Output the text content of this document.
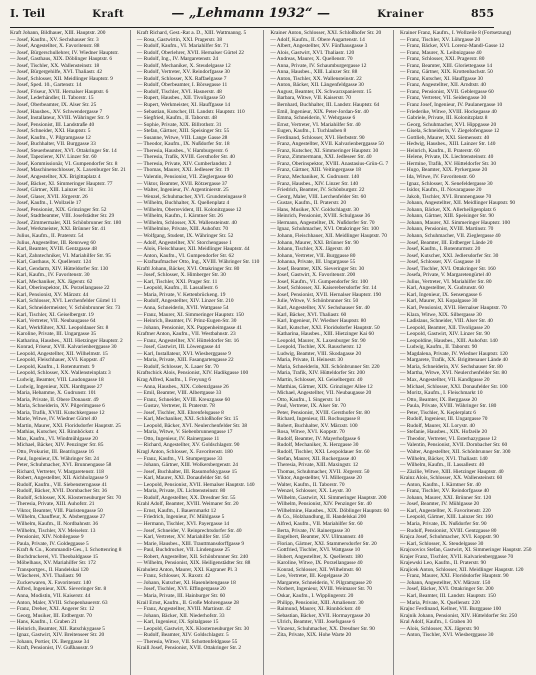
I. Teil	Kraft	— „Lehmann 1932“ —	Krainer	855
Kraft Johann, Bildhauer, XIII. Hauptstr. 200
— Josef, Kaufm., XV. Sechshauser Str. 3
— Josef, Angestellter, X. Favoritenstr. 88
— Josef, Bürgerschullehrer, IV. Wiedner Hauptstr.
— Josef, Gasthaus, XIX. Döblinger Hauptstr. 6
— Josef, Tischler, XX. Wallensteinstr. 18
— Josef, Bürgergehilfe, XVI. Thaliastr. 42
— Josef, Schlosser, XII. Meidlinger Hauptstr. 9
— Josef, Sped. 10., Gartenstr. 14
— Josef, Friseur, XVII. Hernalser Hauptstr. 6
— Josef, Lederhändler, II. Taborstr. 15
— Josef, Oberbeamter, IX. Alser Str. 25
— Josef, Hausbes., XV. Schwendergasse 7
— Josef, Installateur, XVIII. Währinger Str. 9
— Josef, Pensionist, III. Landstraße 40
— Josef, Schneider, XXI. Hauptstr. 5
— Josef, Kaufm., V. Pilgramgasse 12
— Josef, Buchhalter, VII. Burggasse 33
— Josef, Steuerbeamter, XVI. Ottakringer Str. 14
— Josef, Tapezierer, XIV. Linzer Str. 60
— Josef, Kommissionär, VI. Gumpendorfer Str. 8
— Josef, Maschinenschlosser, X. Laxenburger Str. 21
— Josef, Angestellter, XX. Brigittaplatz 4
— Josef, Bäcker, XI. Simmeringer Hauptstr. 77
— Josef, Gärtner, XIII. Lainzer Str. 31
— Josef, Glaser, XVII. Jörgerstr. 26
— Josef, Kaufm., I. Wollzeile 17
— Josef, Pensionist, XIX. Grinzinger Str. 52
— Josef, Stadtbeamter, VIII. Josefstädter Str. 29
— Josef, Zimmermaler, XII. Schönbrunner Str. 180
— Josef, Werkmeister, XXI. Brünner Str. 41
— Julius, Kaufm., II. Praterstr. 54
— Julius, Angestellter, III. Rennweg 60
— Karl, Beamter, XVIII. Gentzgasse 48
— Karl, Zahntechniker, VI. Mariahilfer Str. 95
— Karl, Gasthaus, X. Quellenstr. 124
— Karl, Gendarm, XIV. Hütteldorfer Str. 130
— Karl, Kaufm., IV. Favoritenstr. 30
— Karl, Mechaniker, XX. Jägerstr. 62
— Karl, Oberinspektor, IX. Porzellangasse 22
— Karl, Pensionist, XV. Märzstr. 44
— Karl, Schlosser, XVI. Lerchenfelder Gürtel 11
— Karl, Schneidermeister, V. Schönbrunner Str. 73
— Karl, Tischler, XI. Geiselbergstr. 19
— Karl, Vertreter, VII. Neubaugasse 64
— Karl, Werkführer, XXI. Leopoldauer Str. 8
— Karoline, Private, III. Ungargasse 35
— Katharina, Hausbes., XIII. Hietzinger Hauptstr. 2
— Konrad, Friseur, XVII. Kalvarienberggasse 30
— Leopold, Angestellter, XII. Wilhelmstr. 15
— Leopold, Fleischhauer, XVI. Koppstr. 47
— Leopold, Kaufm., I. Rotenturmstr. 9
— Leopold, Schlosser, XX. Wallensteinplatz 3
— Ludwig, Beamter, VIII. Laudongasse 18
— Ludwig, Ingenieur, XIX. Hardtgasse 27
— Maria, Hebamme, X. Gudrunstr. 101
— Maria, Private, II. Obere Donaustr. 49
— Maria, Schneiderin, XV. Pilgerimgasse 6
— Maria, Trafik, XVIII. Kutschkergasse 12
— Marie, Witwe, IV. Wiedner Gürtel 40
— Martin, Maurer, XXI. Floridsdorfer Hauptstr. 25
— Mathias, Kutscher, XI. Rinnböckstr. 4
— Max, Kaufm., VI. Windmühlgasse 20
— Michael, Bäcker, XIV. Penzinger Str. 85
— Otto, Prokurist, III. Beatrixgasse 16
— Paul, Ingenieur, IX. Währinger Str. 24
— Peter, Schuhmacher, XVI. Brunnengasse 58
— Richard, Vertreter, V. Margaretenstr. 118
— Robert, Angestellter, XII. Aichholzgasse 9
— Rudolf, Kaufm., VII. Siebensterngasse 41
— Rudolf, Bäcker, XVII. Dornbacher Str. 36
— Rudolf, Schlosser, XX. Klosterneuburger Str. 70
— Theresia, Private, XIII. Auhofstr. 21
— Viktor, Beamter, VIII. Piaristengasse 50
— Wilhelm, Chauffeur, X. Absberggasse 27
— Wilhelm, Kaufm., II. Nordbahnstr. 36
— Wilhelm, Tischler, XV. Meiselstr. 13
— Pensionist, XIV. Nobilegasse 9
— Paula, Private, IV. Goldeggasse 5
— Kraft & Co., Kommandit-Ges., I. Schottenring 8
— Buchdruckerei, VI. Theobaldgasse 15
— Möbelhaus, XV. Mariahilfer Str. 172
— Transportges., II. Handelskai 120
— Wäscherei, XVI. Thaliastr. 90
— Zuckerwaren, X. Favoritenstr. 140
— Alfred, Ingenieur, XIX. Sieveringer Str. 8
— Anna, Modistin, VII. Kaiserstr. 44
— Anton, Maler, XVIII. Schopenhauerstr. 63
— Franz, Dreher, XXI. Angerer Str. 12
— Georg, Musiker, III. Erdbergstr. 70
— Hans, Kaufm., I. Graben 21
— Heinrich, Beamter, XII. Ratschkygasse 5
— Ignaz, Gastwirt, XIV. Breitenseer Str. 20
— Johann, Portier, IX. Berggasse 34
— Kraft, Pensionist, IV. Gußhausstr. 9
Kraft Richard, Gest.-Rat a. D., XIII. Wattmanng. 5
— Rosa, Gastwirtin, XXI. Pragerstr. 38
— Rudolf, Kaufm., VI. Mariahilfer Str. 71
— Rudolf, Oberlehrer, XVII. Hernalser Gürtel 22
— Rudolf, Ing., IV. Margaretenstr. 24
— Rudolf, Mechaniker, X. Steudelgasse 12
— Rudolf, Vertreter, XV. Reindorfgasse 30
— Rudolf, Schlosser, XX. Raffaelgasse 7
— Rudolf, Oberbeamter, I. Börsegasse 11
— Rudolf, Tischler, XVI. Hasnerstr. 48
— Rupert, Hausbes., XII. Tivoligasse 50
— Rupert, Werkmeister, XI. Hauffgasse 14
— Sebastian, Kutscher, III. Landstr. Hauptstr. 110
— Siegfried, Kaufm., II. Taborstr. 48
— Sophie, Private, XIX. Billrothstr. 31
— Stefan, Gärtner, XIII. Speisinger Str. 55
— Susanne, Witwe, VIII. Lange Gasse 28
— Theodor, Kaufm., IX. Nußdorfer Str. 18
— Theresia, Hausbes., V. Hamburgerstr. 6
— Theresia, Trafik, XVIII. Gersthofer Str. 40
— Theresia, Private, XIV. Cumberlandstr. 2
— Thomas, Maurer, XXI. Jedleseer Str. 19
— Valentin, Pensionist, VII. Zieglergasse 60
— Viktor, Beamter, XVII. Rötzergasse 37
— Walter, Ingenieur, IV. Argentinierstr. 25
— Wenzel, Schuhmacher, XVI. Grundsteingasse 8
— Wilhelm, Buchhalter, X. Quellenplatz 4
— Wilhelm, Oberrevident, III. Kolonitzgasse 12
— Wilhelm, Kaufm., I. Kärntner Str. 26
— Wilhelm, Schlosser, XX. Wallensteinstr. 40
— Wilhelmine, Private, XIII. Auhofstr. 70
— Wolfgang, Student, IX. Währinger Str. 52
— Adolf, Angestellter, XV. Storchengasse 1
— Alois, Fleischhauer, XII. Meidlinger Hauptstr. 44
— Anton, Kaufm., VI. Gumpendorfer Str. 62
— Kraftaufmacher Otto, Ing., XVIII. Währinger Str. 110
Kraftl Johann, Bäcker, XVI. Ottakringer Str. 80
— Josef, Schlosser, X. Himberger Str. 30
— Karl, Tischler, XXI. Prager Str. 11
— Leopold, Kaufm., II. Lassallestr. 6
— Maria, Private, V. Kettenbrückeng. 19
— Rudolf, Angestellter, XIV. Linzer Str. 210
— Anna, Schneiderin, XVII. Wattgasse 54
— Franz, Maurer, XI. Simmeringer Hauptstr. 150
— Heinrich, Beamter, IV. Prinz-Eugen-Str. 30
— Johann, Pensionist, XX. Pappenheimgasse 41
Kraftner Anton, Kaufm., VII. Westbahnstr. 23
— Franz, Angestellter, XV. Hütteldorfer Str. 16
— Josef, Gastwirt, III. Löwengasse 44
— Karl, Installateur, XVI. Wiesberggasse 9
— Maria, Private, XIII. Fasangartengasse 22
— Rudolf, Schlosser, X. Laaer Str. 70
Kraftschick Alois, Pensionist, XIV. Hadikgasse 100
Krag Alfred, Kaufm., I. Freyung 6
— Anna, Hausbes., XIX. Cobenzlgasse 26
— Emil, Beamter, VIII. Albertgasse 33
— Franz, Schneider, XVIII. Kreuzgasse 60
— Gustav, Vertreter, II. Praterstr. 78
— Josef, Tischler, XII. Ehrenfelsgasse 8
— Karl, Mechaniker, XXI. Schloßhofer Str. 15
— Leopold, Bäcker, XVI. Neulerchenfelder Str. 38
— Maria, Witwe, V. Siebenbrunnengasse 17
— Otto, Ingenieur, IV. Rainergasse 11
— Richard, Angestellter, XV. Goldschlagstr. 90
Kragl Anton, Schlosser, X. Favoritenstr. 180
— Franz, Kaufm., VI. Stumpergasse 33
— Johann, Gärtner, XIII. Wolkersbergenstr. 24
— Josef, Buchhalter, III. Rasumofskygasse 15
— Karl, Maurer, XXI. Donaufelder Str. 64
— Leopold, Pensionist, XVII. Hernalser Hauptstr. 140
— Maria, Private, IX. Lichtensteinstr. 80
— Rudolf, Angestellter, XX. Dresdner Str. 55
Krahl Adolf, Beamter, XVIII. Weimarer Str. 20
— Ernst, Kaufm., I. Bauernmarkt 12
— Friedrich, Ingenieur, IV. Mühlgasse 5
— Hermann, Tischler, XVI. Payergasse 14
— Josef, Schneider, V. Reinprechtsdorfer Str. 40
— Karl, Vertreter, XV. Mariahilfer Str. 150
— Marie, Hausbes., XIII. Trauttmansdorffgasse 9
— Paul, Buchdrucker, VII. Lindengasse 25
— Robert, Angestellter, XII. Schönbrunner Str. 240
— Wilhelm, Pensionist, XIX. Heiligenstädter Str. 88
Krahuletz Anton, Maurer, XXI. Kagraner Pl. 3
— Franz, Schlosser, X. Raxstr. 42
— Johann, Kutscher, XI. Hasenleitengasse 18
— Josef, Tischler, XVI. Effingergasse 20
— Maria, Private, III. Hainburger Str. 60
Krail Ernst, Kaufm., II. Große Mohrengasse 28
— Franz, Angestellter, XVIII. Martinstr. 42
— Johann, Bäcker, XII. Niederhofstr. 33
— Karl, Ingenieur, IX. Spitalgasse 15
— Leopold, Gastwirt, XX. Klosterneuburger Str. 30
— Rudolf, Beamter, XIV. Goldschlagstr. 5
— Theresia, Witwe, VII. Schottenfeldgasse 55
Kraill Josef, Pensionist, XVII. Ottakringer Str. 2
Krainer Anton, Schlosser, XXI. Schloßhofer Str. 20
— Adolf, Kaufm., II. Obere Augartenstr. 14
— Albert, Angestellter, XV. Fünfhausgasse 3
— Alois, Gastwirt, XVI. Thaliastr. 120
— Andreas, Maurer, X. Quellenstr. 70
— Anna, Private, IV. Schaumburgergasse 12
— Anna, Hausbes., XIII. Lainzer Str. 88
— Anton, Tischler, XX. Wallensteinstr. 22
— Anton, Bäcker, XII. Längenfeldgasse 30
— August, Beamter, IX. Schwarzspanierstr. 15
— Barbara, Witwe, VII. Kaiserstr. 70
— Bernhard, Buchhalter, III. Landstr. Hauptstr. 64
— Emil, Ingenieur, XIX. Peter-Jordan-Str. 40
— Emma, Schneiderin, V. Wehrgasse 6
— Ernst, Vertreter, VI. Mariahilfer Str. 40
— Eugen, Kaufm., I. Tuchlauben 8
— Ferdinand, Schlosser, XVI. Herbststr. 90
— Franz, Angestellter, XVII. Kalvarienberggasse 50
— Franz, Kutscher, XI. Simmeringer Hauptstr. 30
— Franz, Zimmermann, XXI. Jedleseer Str. 40
— Franz, Oberinspektor, XVIII. Anastasius-Grün-G. 7
— Franz, Gärtner, XIII. Veitingergasse 18
— Franz, Mechaniker, X. Gudrunstr. 140
— Franz, Hausbes., XIV. Linzer Str. 140
— Friedrich, Beamter, IV. Schönburgstr. 22
— Georg, Maler, VIII. Lerchenfelder Str. 60
— Gustav, Kaufm., II. Praterstr. 20
— Hans, Musiker, XV. Goldschlagstr. 30
— Heinrich, Pensionist, XVIII. Schulgasse 36
— Hermann, Angestellter, IX. Nußdorfer Str. 70
— Ignaz, Schuhmacher, XVI. Ottakringer Str. 100
— Johann, Fleischhauer, XII. Meidlinger Hauptstr. 70
— Johann, Maurer, XXI. Brünner Str. 90
— Johann, Tischler, XX. Jägerstr. 40
— Johann, Vertreter, VII. Burggasse 80
— Johanna, Private, III. Ungargasse 55
— Josef, Beamter, XIX. Sieveringer Str. 30
— Josef, Gastwirt, X. Favoritenstr. 200
— Josef, Kaufm., VI. Gumpendorfer Str. 100
— Josef, Schlosser, XI. Kaiserebersdorfer Str. 14
— Josef, Pensionist, XVII. Hernalser Hauptstr. 190
— Julie, Witwe, V. Schönbrunner Str. 50
— Karl, Angestellter, XV. Sechshauser Str. 40
— Karl, Bäcker, XVI. Thaliastr. 60
— Karl, Ingenieur, IV. Wiedner Hauptstr. 80
— Karl, Kutscher, XXI. Floridsdorfer Hauptstr. 50
— Katharina, Hausbes., XIII. Hietzinger Kai 60
— Leopold, Maurer, X. Laxenburger Str. 90
— Leopold, Tischler, XX. Rauscherstr. 12
— Ludwig, Beamter, VIII. Skodagasse 20
— Maria, Private, II. Heinestr. 30
— Maria, Schneiderin, XII. Schönbrunner Str. 220
— Maria, Trafik, XIV. Hütteldorfer Str. 200
— Martin, Schlosser, XI. Geiselbergstr. 40
— Matthias, Gärtner, XIX. Grinzinger Allee 12
— Michael, Angestellter, VII. Neubaugasse 20
— Otto, Kaufm., I. Singerstr. 14
— Paul, Vertreter, IX. Alser Str. 70
— Peter, Pensionist, XVIII. Gersthofer Str. 80
— Richard, Ingenieur, III. Rochusgasse 8
— Robert, Buchhalter, XV. Märzstr. 100
— Rosa, Witwe, XVI. Koppstr. 70
— Rudolf, Beamter, IV. Mayerhofgasse 6
— Rudolf, Mechaniker, X. Herzgasse 30
— Rudolf, Tischler, XXI. Leopoldauer Str. 60
— Stefan, Maurer, XII. Ruckergasse 40
— Theresia, Private, XIII. Maxingstr. 12
— Thomas, Schuhmacher, XVII. Jörgerstr. 50
— Viktor, Angestellter, VI. Millergasse 20
— Walter, Kaufm., II. Taborstr. 70
— Wenzel, Schlosser, XX. Leystr. 30
— Wilhelm, Gastwirt, XI. Simmeringer Hauptstr. 200
— Wilhelm, Pensionist, XIV. Penzinger Str. 40
— Wilhelmine, Hausbes., XIX. Döblinger Hauptstr. 60
— & Co., Holzhandlung, II. Handelskai 200
— Alfred, Kaufm., VII. Mariahilfer Str. 60
— Berta, Private, IV. Rainergasse 30
— Engelbert, Beamter, XV. Ullmannstr. 40
— Florian, Gärtner, XXI. Stammersdorfer Str. 20
— Gottfried, Tischler, XVI. Wattgasse 10
— Hubert, Angestellter, X. Quellenstr. 180
— Karoline, Witwe, IX. Porzellangasse 40
— Konrad, Schlosser, XII. Wilhelmstr. 60
— Leo, Vertreter, III. Kegelgasse 20
— Margarete, Schneiderin, V. Pilgramgasse 20
— Norbert, Ingenieur, XVIII. Weimarer Str. 70
— Oskar, Kaufm., I. Wipplingerstr. 20
— Philipp, Pensionist, XIII. Amalienstr. 30
— Raimund, Maurer, XI. Rinnböckstr. 40
— Sebastian, Bäcker, XVII. Hormayrgasse 20
— Ulrich, Beamter, VIII. Josefsgasse 6
— Vinzenz, Schuhmacher, XX. Dresdner Str. 90
— Zita, Private, XIX. Hohe Warte 20
Krainer Franz, Kaufm., I. Wollzeile 8 (Fortsetzung)
— Franz, Tischler, XV. Löhrgasse 20
— Franz, Bäcker, XVI. Lorenz-Mandl-Gasse 12
— Franz, Maurer, X. Leibnizgasse 40
— Franz, Schlosser, XXI. Pragerstr. 80
— Franz, Beamter, XIII. Gloriettegasse 14
— Franz, Gärtner, XIX. Krottenbachstr. 50
— Franz, Kutscher, XI. Hauffgasse 30
— Franz, Angestellter, XII. Arndtstr. 40
— Franz, Pensionist, XVII. Geblergasse 60
— Franz, Vertreter, VII. Seidengasse 30
— Franz Josef, Ingenieur, IV. Paulanergasse 10
— Friederike, Witwe, XVIII. Hockegasse 40
— Gabriele, Private, III. Kolonitzplatz 8
— Georg, Schuhmacher, XVI. Hippgasse 20
— Gisela, Schneiderin, V. Ziegelofengasse 12
— Gottlieb, Maurer, XXI. Siemensstr. 40
— Hedwig, Hausbes., XIII. Lainzer Str. 140
— Heinrich, Kaufm., II. Praterstr. 60
— Helene, Private, IX. Liechtensteinstr. 40
— Hermine, Trafik, XV. Hütteldorfer Str. 30
— Hugo, Beamter, XIX. Pyrkergasse 20
— Ida, Witwe, IV. Favoritenstr. 60
— Ignaz, Schlosser, X. Senefeldergasse 30
— Isidor, Kaufm., II. Novaragasse 20
— Jakob, Tischler, XVI. Brunnengasse 70
— Johann, Angestellter, XII. Meidlinger Hauptstr. 90
— Johann, Bäcker, XX. Allerheiligenplatz 6
— Johann, Gärtner, XIII. Speisinger Str. 90
— Johann, Maurer, XI. Simmeringer Hauptstr. 100
— Johann, Pensionist, XVIII. Martinstr. 70
— Johann, Schuhmacher, VII. Zieglergasse 40
— Josef, Beamter, III. Erdberger Lände 20
— Josef, Kaufm., I. Rotenturmstr. 20
— Josef, Kutscher, XXI. Jedlersdorfer Str. 30
— Josef, Schlosser, XV. Gasgasse 10
— Josef, Tischler, XVI. Ottakringer Str. 160
— Josefa, Private, V. Margaretengürtel 40
— Julius, Vertreter, VI. Mariahilfer Str. 80
— Karl, Angestellter, X. Gudrunstr. 60
— Karl, Ingenieur, IX. Sensengasse 6
— Karl, Maurer, XI. Kopalgasse 30
— Karl, Pensionist, XVII. Hernalser Hauptstr. 70
— Klara, Witwe, XIX. Silbergasse 30
— Ladislaus, Schneider, VIII. Alser Str. 40
— Leopold, Beamter, XII. Tivoligasse 20
— Leopold, Gastwirt, XIV. Linzer Str. 90
— Leopoldine, Hausbes., XIII. Auhofstr. 140
— Ludwig, Kaufm., II. Taborstr. 90
— Magdalena, Private, IV. Wiedner Hauptstr. 120
— Margarete, Trafik, XX. Brigittenauer Lände 40
— Maria, Schneiderin, XV. Sechshauser Str. 80
— Martha, Witwe, XVI. Neulerchenfelder Str. 80
— Max, Angestellter, VII. Kandlgasse 20
— Michael, Schlosser, XXI. Donaufelder Str. 100
— Moritz, Kaufm., I. Fleischmarkt 10
— Otto, Beamter, IX. Berggasse 20
— Paula, Private, XVIII. Währinger Str. 180
— Peter, Tischler, X. Keplerplatz 6
— Rudolf, Ingenieur, III. Ungargasse 70
— Rudolf, Maurer, XI. Lorystr. 40
— Stefanie, Hausbes., XIX. Hofzeile 20
— Theodor, Vertreter, VI. Esterhazygasse 12
— Valentin, Pensionist, XVII. Dornbacher Str. 60
— Walter, Angestellter, XII. Schönbrunner Str. 300
— Wilhelm, Bäcker, XVI. Thaliastr. 140
— Wilhelm, Kaufm., II. Lassallestr. 40
— Zäzilie, Witwe, XIII. Hietzinger Hauptstr. 40
Krainz Alois, Schlosser, XX. Wallensteinstr. 60
— Anton, Kaufm., I. Kärntner Str. 40
— Franz, Tischler, XV. Reindorfgasse 40
— Johann, Maurer, XXI. Brünner Str. 120
— Josef, Beamter, IV. Mühlgasse 20
— Karl, Angestellter, X. Favoritenstr. 220
— Leopold, Gärtner, XIII. Lainzer Str. 160
— Maria, Private, IX. Nußdorfer Str. 90
— Rudolf, Pensionist, XVIII. Gentzgasse 80
Krajca Josef, Schuhmacher, XVI. Koppstr. 90
— Karl, Schlosser, X. Steudelgasse 30
Krajcsovics Stefan, Gastwirt, XI. Simmeringer Hauptstr. 250
Krajer Franz, Tischler, XVII. Kalvarienberggasse 70
Krajewski Leo, Kaufm., II. Praterstr. 90
Krajicek Anton, Schlosser, XII. Meidlinger Hauptstr. 120
— Franz, Maurer, XXI. Floridsdorfer Hauptstr. 90
— Johann, Angestellter, XV. Märzstr. 150
— Josef, Bäcker, XVI. Ottakringer Str. 200
— Karl, Beamter, III. Landstr. Hauptstr. 150
— Maria, Private, X. Quellenstr. 220
Krajnc Ferdinand, Kellner, VII. Burggasse 100
Krajnik Johann, Pensionist, XIV. Hütteldorfer Str. 250
Kral Adolf, Kaufm., I. Graben 30
— Alois, Schlosser, XX. Jägerstr. 90
— Anton, Tischler, XVI. Wiesberggasse 30
